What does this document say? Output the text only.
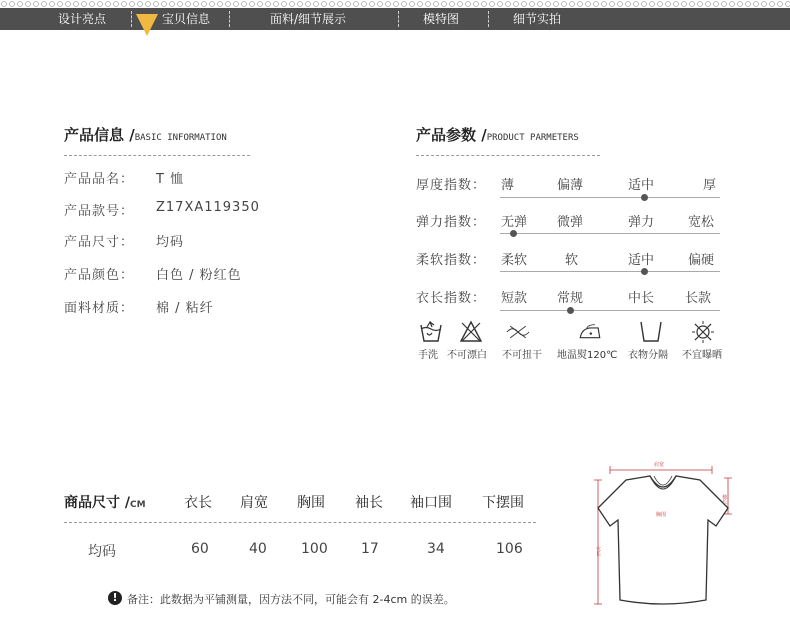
设计亮点	宝贝信息	面料/细节展示	模特图	细节实拍
产品信息 /BASIC INFORMATION
产品品名： T 恤
产品款号： Z17XA119350
产品尺寸： 均码
产品颜色： 白色 / 粉红色
面料材质： 棉 / 粘纤
产品参数 /PRODUCT PARMETERS
厚度指数： 薄	偏薄	适中	厚
弹力指数： 无弹 微弹	弹力	宽松
柔软指数： 柔软	软	适中	偏硬
衣长指数： 短款 常规	中长 长款
手洗 不可漂白 不可扭干 地温熨120℃ 衣物分隔 不宜曝晒
商品尺寸 /CM	衣长 肩宽 胸围 袖长 袖口围 下摆围
均码	60	40 100 17	34	106
! 备注：此数据为平铺测量，因方法不同，可能会有 2-4cm 的误差。
肩宽
胸围
衣长
袖长
